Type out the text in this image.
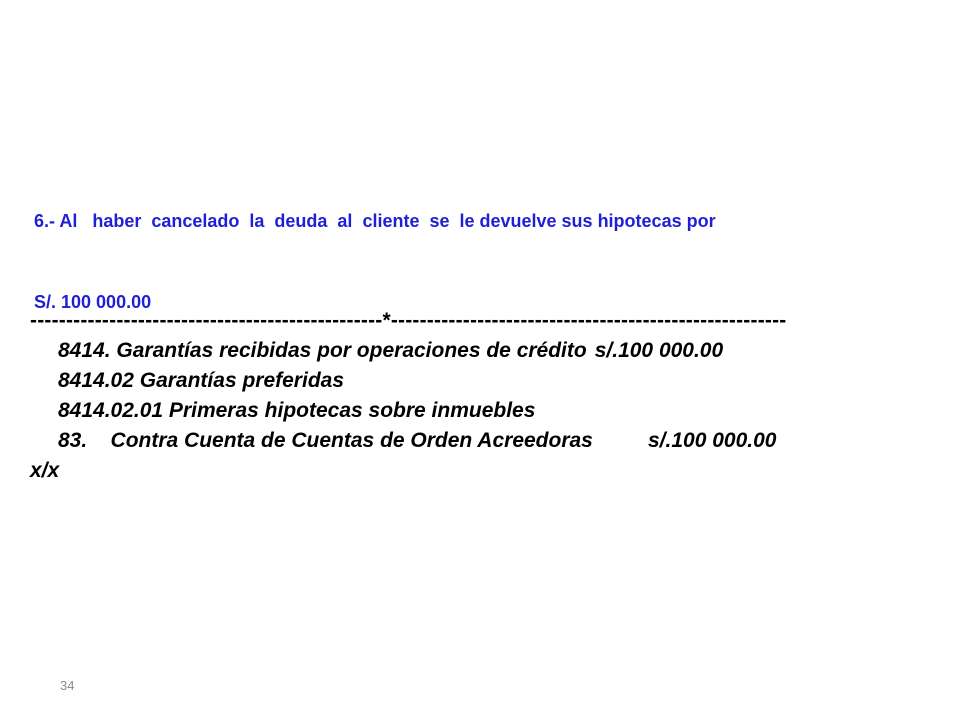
6.- Al   haber  cancelado  la  deuda  al  cliente  se  le devuelve sus hipotecas por

S/. 100 000.00

-------------------------------------------------*-------------------------------------------------------
8414. Garantías recibidas por operaciones de crédito s/.100 000.00
8414.02 Garantías preferidas
8414.02.01 Primeras hipotecas sobre inmuebles
83.    Contra Cuenta de Cuentas de Orden Acreedoras	s/.100 000.00
x/x
34
